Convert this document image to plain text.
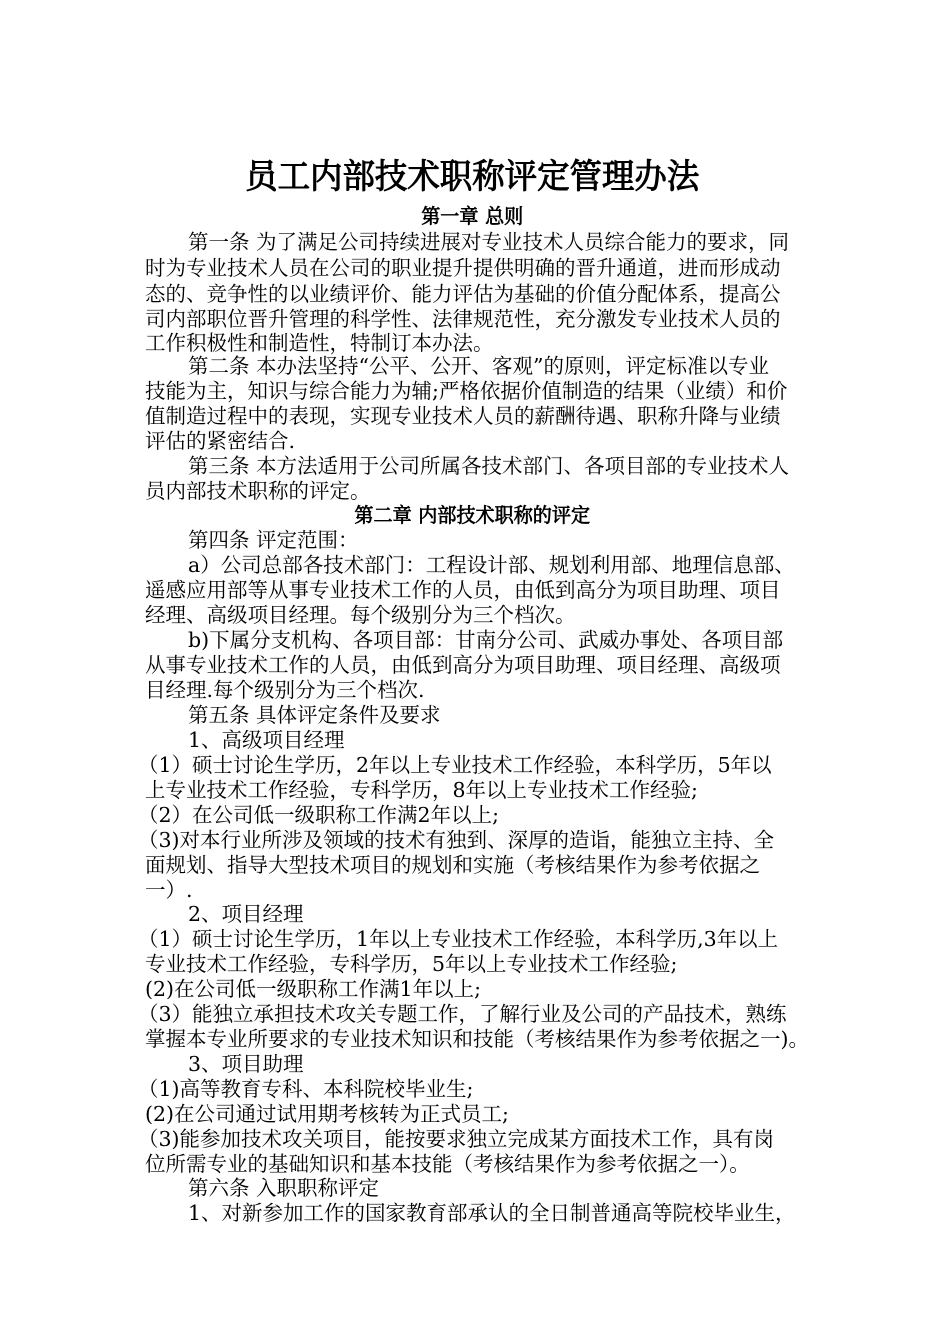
员工内部技术职称评定管理办法
第一章 总则
第二章 内部技术职称的评定
第一条 为了满足公司持续进展对专业技术人员综合能力的要求，同
时为专业技术人员在公司的职业提升提供明确的晋升通道，进而形成动
态的、竞争性的以业绩评价、能力评估为基础的价值分配体系，提高公
司内部职位晋升管理的科学性、法律规范性，充分激发专业技术人员的
工作积极性和制造性，特制订本办法。
第二条 本办法坚持“公平、公开、客观”的原则，评定标准以专业
技能为主，知识与综合能力为辅;严格依据价值制造的结果（业绩）和价
值制造过程中的表现，实现专业技术人员的薪酬待遇、职称升降与业绩
评估的紧密结合.
第三条 本方法适用于公司所属各技术部门、各项目部的专业技术人
员内部技术职称的评定。
第四条 评定范围：
a）公司总部各技术部门：工程设计部、规划利用部、地理信息部、
遥感应用部等从事专业技术工作的人员，由低到高分为项目助理、项目
经理、高级项目经理。每个级别分为三个档次。
b)下属分支机构、各项目部：甘南分公司、武威办事处、各项目部
从事专业技术工作的人员，由低到高分为项目助理、项目经理、高级项
目经理.每个级别分为三个档次.
第五条 具体评定条件及要求
1、高级项目经理
（1）硕士讨论生学历，2年以上专业技术工作经验，本科学历，5年以
上专业技术工作经验，专科学历，8年以上专业技术工作经验;
（2）在公司低一级职称工作满2年以上;
（3)对本行业所涉及领域的技术有独到、深厚的造诣，能独立主持、全
面规划、指导大型技术项目的规划和实施（考核结果作为参考依据之
一）.
2、项目经理
（1）硕士讨论生学历，1年以上专业技术工作经验，本科学历,3年以上
专业技术工作经验，专科学历，5年以上专业技术工作经验;
(2)在公司低一级职称工作满1年以上;
（3）能独立承担技术攻关专题工作，了解行业及公司的产品技术，熟练
掌握本专业所要求的专业技术知识和技能（考核结果作为参考依据之一)。
3、项目助理
（1)高等教育专科、本科院校毕业生;
(2)在公司通过试用期考核转为正式员工;
（3)能参加技术攻关项目，能按要求独立完成某方面技术工作，具有岗
位所需专业的基础知识和基本技能（考核结果作为参考依据之一）。
第六条 入职职称评定
1、对新参加工作的国家教育部承认的全日制普通高等院校毕业生，
